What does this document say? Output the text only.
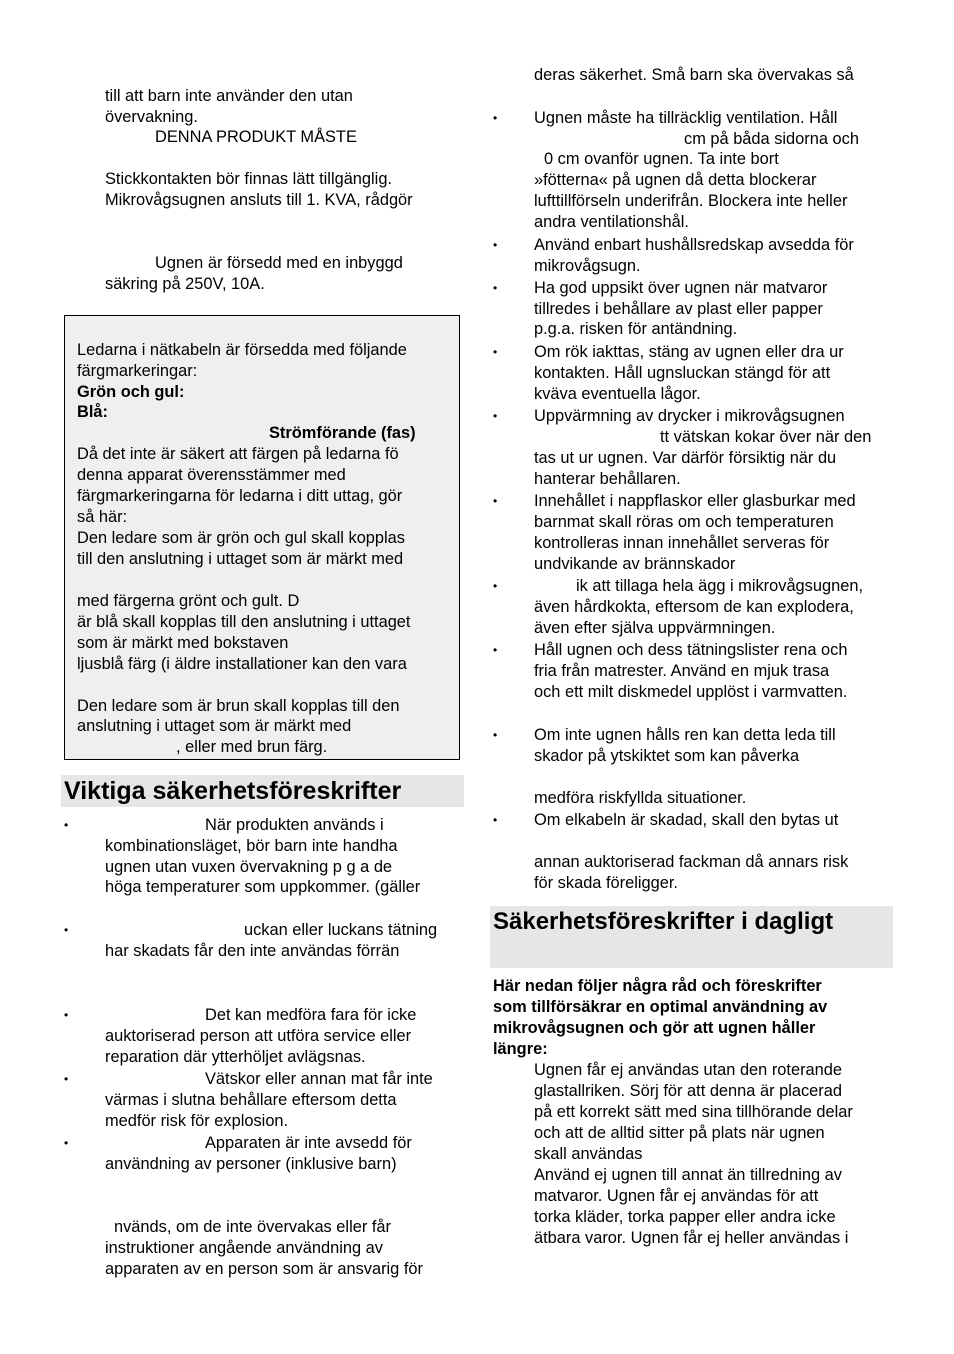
till att barn inte använder den utan
övervakning.
DENNA PRODUKT MÅSTE
Stickkontakten bör finnas lätt tillgänglig.
Mikrovågsugnen ansluts till 1. KVA, rådgör
Ugnen är försedd med en inbyggd
säkring på 250V, 10A.
Ledarna i nätkabeln är försedda med följande
färgmarkeringar:
Grön och gul:
Blå:
Strömförande (fas)
Då det inte är säkert att färgen på ledarna fö
denna apparat överensstämmer med
färgmarkeringarna för ledarna i ditt uttag, gör
så här:
Den ledare som är grön och gul skall kopplas
till den anslutning i uttaget som är märkt med
med färgerna grönt och gult. D
är blå skall kopplas till den anslutning i uttaget
som är märkt med bokstaven
ljusblå färg (i äldre installationer kan den vara
Den ledare som är brun skall kopplas till den
anslutning i uttaget som är märkt med
, eller med brun färg.
Viktiga säkerhetsföreskrifter
•	När produkten används i
kombinationsläget, bör barn inte handha
ugnen utan vuxen övervakning p g a de
höga temperaturer som uppkommer. (gäller
•	uckan eller luckans tätning
har skadats får den inte användas förrän
•	Det kan medföra fara för icke
auktoriserad person att utföra service eller
reparation där ytterhöljet avlägsnas.
•	Vätskor eller annan mat får inte
värmas i slutna behållare eftersom detta
medför risk för explosion.
•	Apparaten är inte avsedd för
användning av personer (inklusive barn)
nvänds, om de inte övervakas eller får
instruktioner angående användning av
apparaten av en person som är ansvarig för
deras säkerhet. Små barn ska övervakas så
• Ugnen måste ha tillräcklig ventilation. Håll
cm på båda sidorna och
0 cm ovanför ugnen. Ta inte bort
»fötterna« på ugnen då detta blockerar
lufttillförseln underifrån. Blockera inte heller
andra ventilationshål.
• Använd enbart hushållsredskap avsedda för
mikrovågsugn.
• Ha god uppsikt över ugnen när matvaror
tillredes i behållare av plast eller papper
p.g.a. risken för antändning.
• Om rök iakttas, stäng av ugnen eller dra ur
kontakten. Håll ugnsluckan stängd för att
kväva eventuella lågor.
• Uppvärmning av drycker i mikrovågsugnen
tt vätskan kokar över när den
tas ut ur ugnen. Var därför försiktig när du
hanterar behållaren.
• Innehållet i nappflaskor eller glasburkar med
barnmat skall röras om och temperaturen
kontrolleras innan innehållet serveras för
undvikande av brännskador
•	ik att tillaga hela ägg i mikrovågsugnen,
även hårdkokta, eftersom de kan explodera,
även efter själva uppvärmningen.
• Håll ugnen och dess tätningslister rena och
fria från matrester. Använd en mjuk trasa
och ett milt diskmedel upplöst i varmvatten.
• Om inte ugnen hålls ren kan detta leda till
skador på ytskiktet som kan påverka
medföra riskfyllda situationer.
• Om elkabeln är skadad, skall den bytas ut
annan auktoriserad fackman då annars risk
för skada föreligger.
Säkerhetsföreskrifter i dagligt
Här nedan följer några råd och föreskrifter
som tillförsäkrar en optimal användning av
mikrovågsugnen och gör att ugnen håller
längre:
Ugnen får ej användas utan den roterande
glastallriken. Sörj för att denna är placerad
på ett korrekt sätt med sina tillhörande delar
och att de alltid sitter på plats när ugnen
skall användas
Använd ej ugnen till annat än tillredning av
matvaror. Ugnen får ej användas för att
torka kläder, torka papper eller andra icke
ätbara varor. Ugnen får ej heller användas i
